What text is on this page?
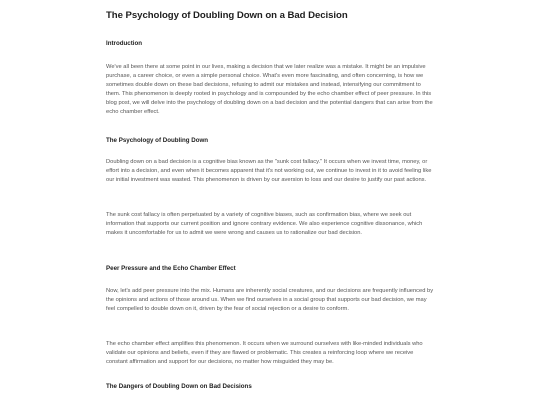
The Psychology of Doubling Down on a Bad Decision
Introduction

We've all been there at some point in our lives, making a decision that we later realize was a mistake. It might be an impulsive purchase, a career choice, or even a simple personal choice. What's even more fascinating, and often concerning, is how we sometimes double down on these bad decisions, refusing to admit our mistakes and instead, intensifying our commitment to them. This phenomenon is deeply rooted in psychology and is compounded by the echo chamber effect of peer pressure. In this blog post, we will delve into the psychology of doubling down on a bad decision and the potential dangers that can arise from the echo chamber effect.

The Psychology of Doubling Down

Doubling down on a bad decision is a cognitive bias known as the "sunk cost fallacy." It occurs when we invest time, money, or effort into a decision, and even when it becomes apparent that it's not working out, we continue to invest in it to avoid feeling like our initial investment was wasted. This phenomenon is driven by our aversion to loss and our desire to justify our past actions.

The sunk cost fallacy is often perpetuated by a variety of cognitive biases, such as confirmation bias, where we seek out information that supports our current position and ignore contrary evidence. We also experience cognitive dissonance, which makes it uncomfortable for us to admit we were wrong and causes us to rationalize our bad decision.

Peer Pressure and the Echo Chamber Effect

Now, let's add peer pressure into the mix. Humans are inherently social creatures, and our decisions are frequently influenced by the opinions and actions of those around us. When we find ourselves in a social group that supports our bad decision, we may feel compelled to double down on it, driven by the fear of social rejection or a desire to conform.

The echo chamber effect amplifies this phenomenon. It occurs when we surround ourselves with like-minded individuals who validate our opinions and beliefs, even if they are flawed or problematic. This creates a reinforcing loop where we receive constant affirmation and support for our decisions, no matter how misguided they may be.

The Dangers of Doubling Down on Bad Decisions
